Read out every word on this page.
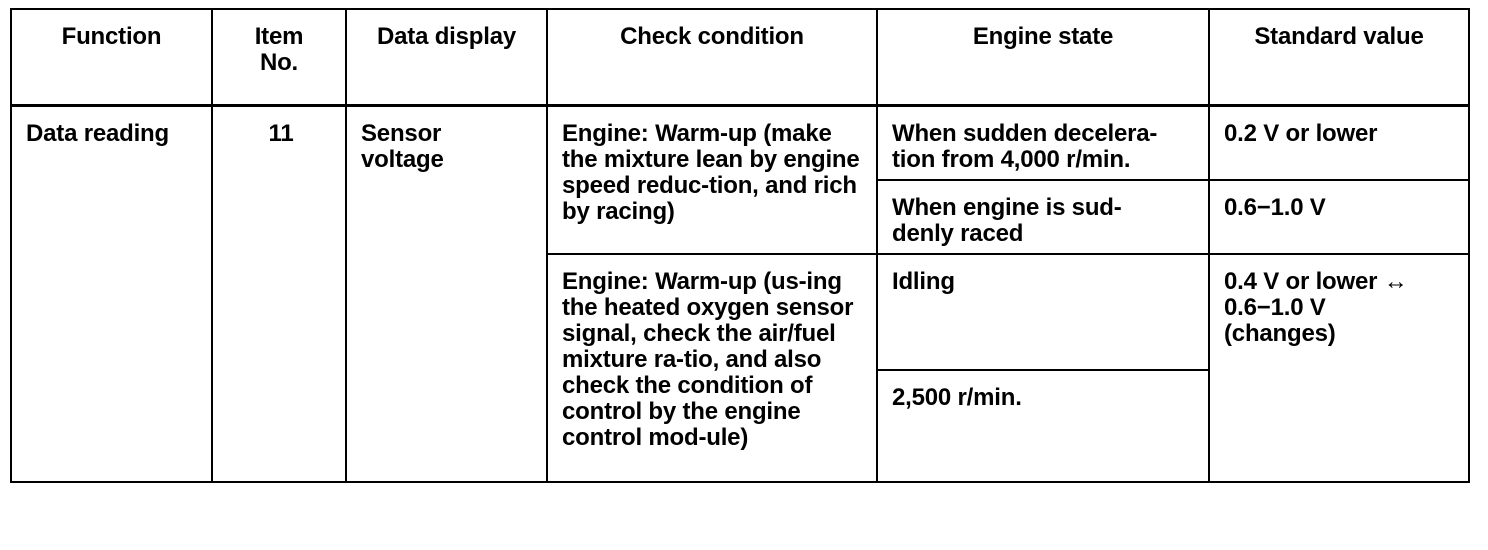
Function	Item No.	Data display	Check condition	Engine state	Standard value
Data reading	11	Sensor voltage	Engine: Warm-up (make the mixture lean by engine speed reduc-tion, and rich by racing)	When sudden decelera-tion from 4,000 r/min.	0.2 V or lower
				When engine is sud-denly raced	0.6−1.0 V
			Engine: Warm-up (us-ing the heated oxygen sensor signal, check the air/fuel mixture ra-tio, and also check the condition of control by the engine control mod-ule)	Idling	0.4 V or lower ↔ 0.6−1.0 V (changes)
				2,500 r/min.	
